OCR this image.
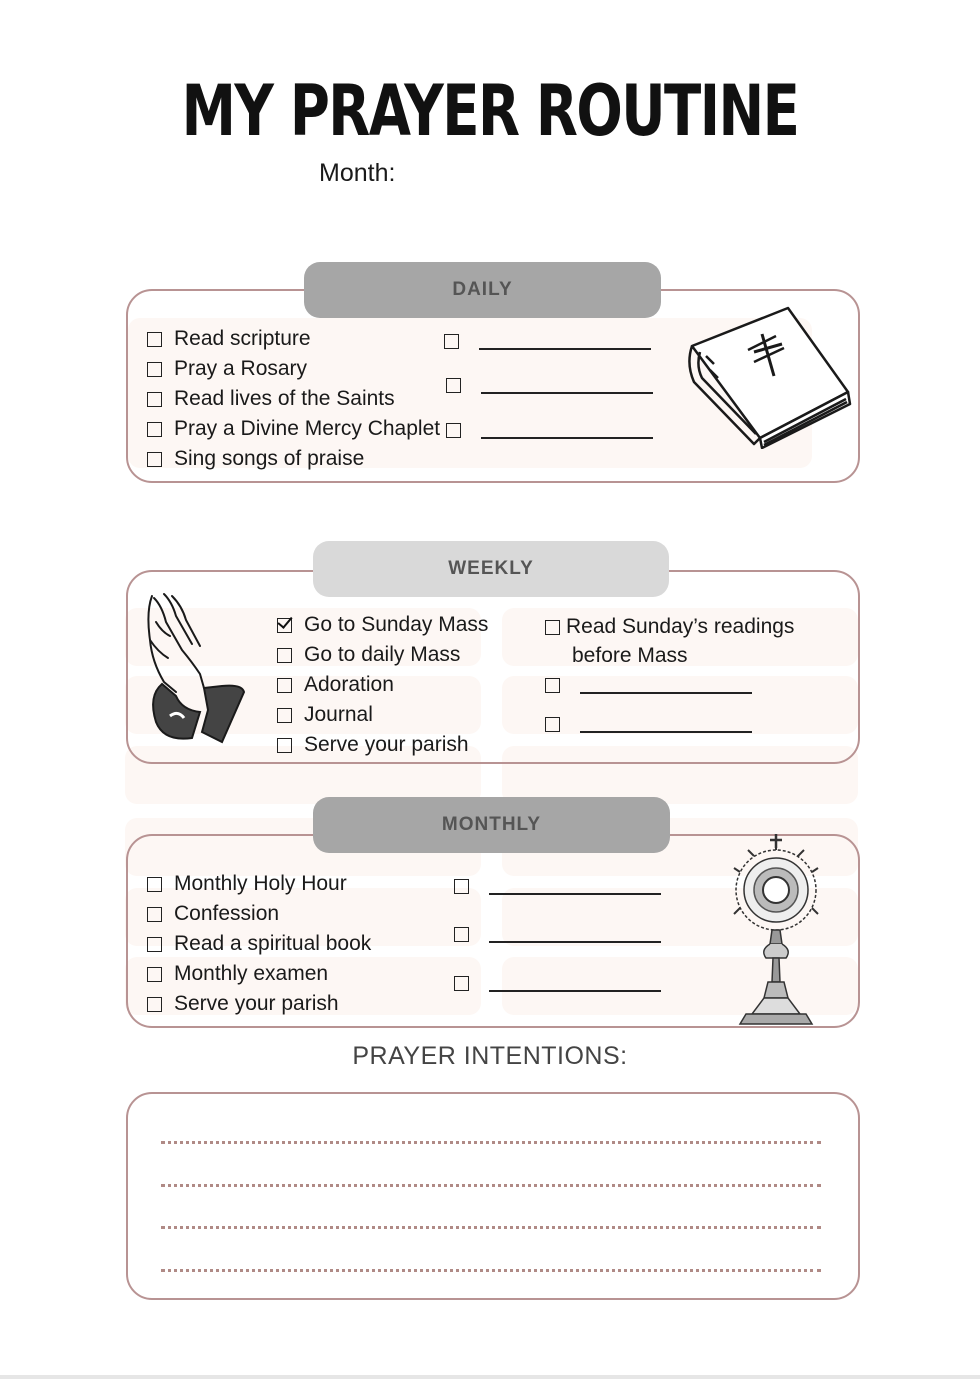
MY PRAYER ROUTINE
Month:
DAILY
Read scripture
Pray a Rosary
Read lives of the Saints
Pray a Divine Mercy Chaplet
Sing songs of praise
WEEKLY
Go to Sunday Mass
Go to daily Mass
Adoration
Journal
Serve your parish
Read Sunday’s readings
before Mass
MONTHLY
Monthly Holy Hour
Confession
Read a spiritual book
Monthly examen
Serve your parish
PRAYER INTENTIONS:
